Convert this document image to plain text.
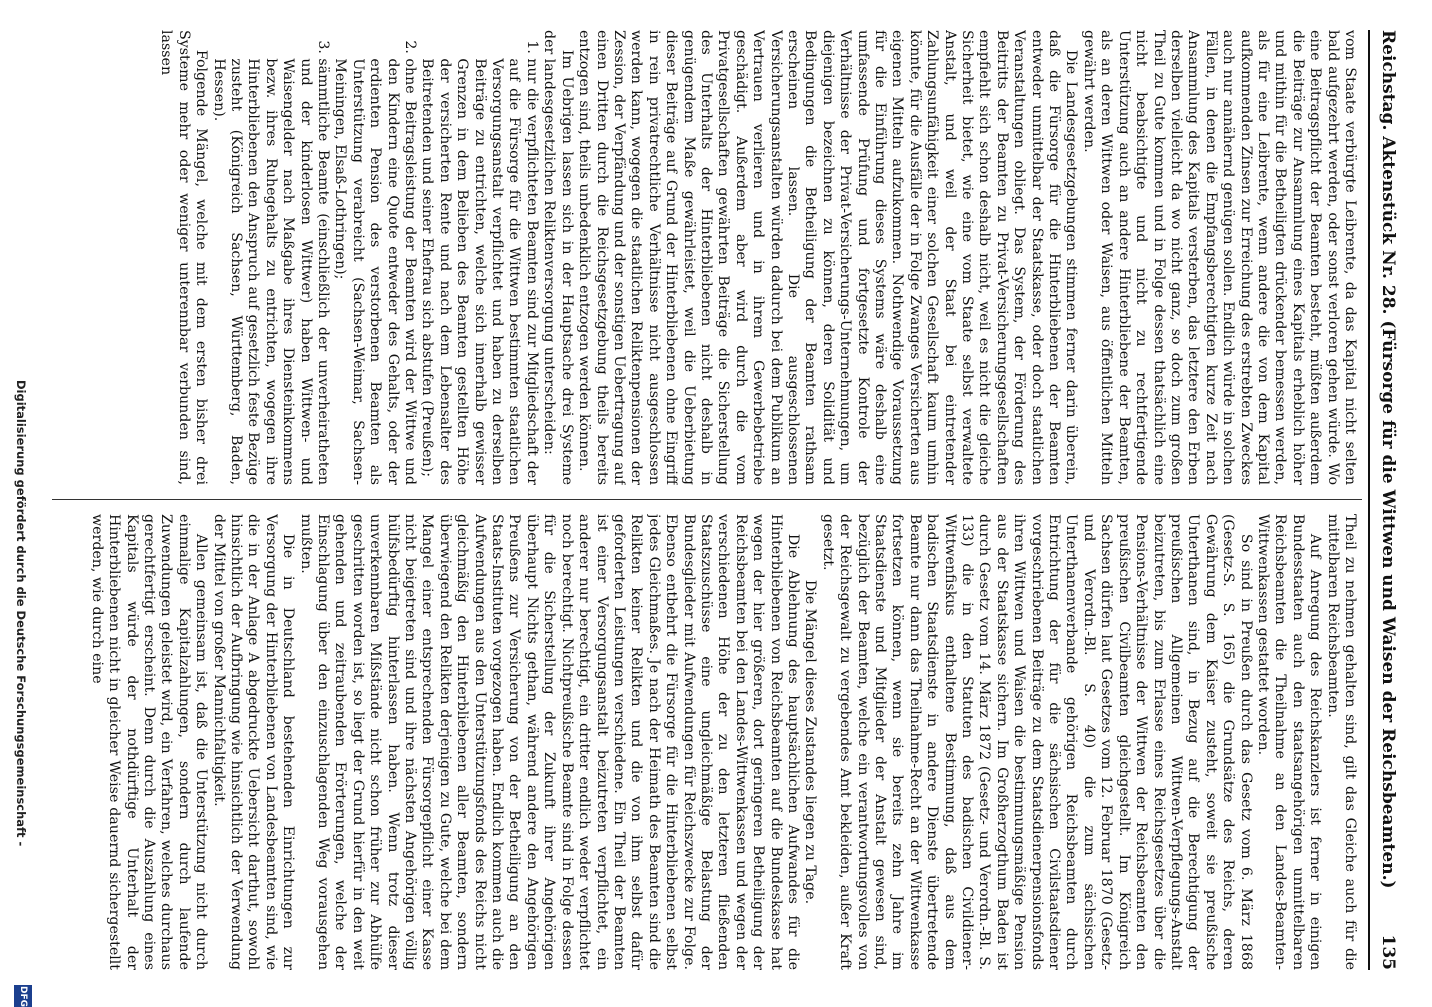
Reichstag. Aktenstück Nr. 28. (Fürsorge für die Wittwen und Waisen der Reichsbeamten.)
135

vom Staate verbürgte Leibrente, da das Kapital nicht selten bald aufgezehrt werden, oder sonst verloren gehen würde. Wo eine Beitragspflicht der Beamten besteht, müßten außerdem die Beiträge zur Ansammlung eines Kapitals erheblich höher und mithin für die Betheiligten drückender bemessen werden, als für eine Leibrente, wenn andere die von dem Kapital aufkommenden Zinsen zur Erreichung des erstrebten Zweckes auch nur annähernd genügen sollen. Endlich würde in solchen Fällen, in denen die Empfangsberechtigten kurze Zeit nach Ansammlung des Kapitals versterben, das letztere den Erben derselben vielleicht da wo nicht ganz, so doch zum großen Theil zu Gute kommen und in Folge dessen thatsächlich eine nicht beabsichtigte und nicht zu rechtfertigende Unterstützung auch an andere Hinterbliebene der Beamten, als an deren Wittwen oder Waisen, aus öffentlichen Mitteln gewährt werden.

Die Landesgesetzgebungen stimmen ferner darin überein, daß die Fürsorge für die Hinterbliebenen der Beamten entweder unmittelbar der Staatskasse, oder doch staatlichen Veranstaltungen obliegt. Das System, der Förderung des Beitritts der Beamten zu Privat-Versicherungsgesellschaften empfiehlt sich schon deshalb nicht, weil es nicht die gleiche Sicherheit bietet, wie eine vom Staate selbst verwaltete Anstalt, und weil der Staat bei eintretender Zahlungsunfähigkeit einer solchen Gesellschaft kaum umhin könnte, für die Ausfälle der in Folge Zwanges Versicherten aus eigenen Mitteln aufzukommen. Nothwendige Voraussetzung für die Einführung dieses Systems wäre deshalb eine umfassende Prüfung und fortgesetzte Kontrole der Verhältnisse der Privat-Versicherungs-Unternehmungen, um diejenigen bezeichnen zu können, deren Solidität und Bedingungen die Betheiligung der Beamten rathsam erscheinen lassen. Die ausgeschlossenen Versicherungsanstalten würden dadurch bei dem Publikum an Vertrauen verlieren und in ihrem Gewerbebetriebe geschädigt. Außerdem aber wird durch die vom Privatgesellschaften gewährten Beiträge die Sicherstellung des Unterhalts der Hinterbliebenen nicht deshalb in genügendem Maße gewährleistet, weil die Ueberbietung dieser Beiträge auf Grund der Hinterbliebenen ohne Eingriff in rein privatrechtliche Verhältnisse nicht ausgeschlossen werden kann, wogegen die staatlichen Reliktenpensionen der Zession, der Verpfändung und der sonstigen Uebertragung auf einen Dritten durch die Reichsgesetzgebung theils bereits entzogen sind, theils unbedenklich entzogen werden können.

Im Uebrigen lassen sich in der Hauptsache drei Systeme der landesgesetzlichen Reliktenversorgung unterscheiden:

1. nur die verpflichteten Beamten sind zur Mitgliedschaft der auf die Fürsorge für die Wittwen bestimmten staatlichen Versorgungsanstalt verpflichtet und haben zu derselben Beiträge zu entrichten, welche sich innerhalb gewisser Grenzen in dem Belieben des Beamten gestellten Höhe der versicherten Rente und nach dem Lebensalter des Beitretenden und seiner Ehefrau sich abstufen (Preußen);
2. ohne Beitragsleistung der Beamten wird der Wittwe und den Kindern eine Quote entweder des Gehalts, oder der erdienten Pension des verstorbenen Beamten als Unterstützung verabreicht (Sachsen-Weimar, Sachsen-Meiningen, Elsaß-Lothringen);
3. sämmtliche Beamte (einschließlich der unverheiratheten und der kinderlosen Wittwer) haben Wittwen- und Waisengelder nach Maßgabe ihres Diensteinkommens bezw. ihres Ruhegehalts zu entrichten, wogegen ihre Hinterbliebenen den Anspruch auf gesetzlich feste Bezüge zusteht (Königreich Sachsen, Württemberg, Baden, Hessen).

Folgende Mängel, welche mit dem ersten bisher drei Systeme mehr oder weniger unterennbar verbunden sind, lassen

Theil zu nehmen gehalten sind, gilt das Gleiche auch für die mittelbaren Reichsbeamten.

Auf Anregung des Reichskanzlers ist ferner in einigen Bundesstaaten auch den staatsangehörigen unmittelbaren Reichsbeamten die Theilnahme an den Landes-Beamten-Wittwenkassen gestattet worden.

So sind in Preußen durch das Gesetz vom 6. März 1868 (Gesetz-S. S. 165) die Grundsätze des Reichs, deren Gewährung dem Kaiser zusteht, soweit sie preußische Unterthanen sind, in Bezug auf die Berechtigung der preußischen Allgemeinen Wittwen-Verpflegungs-Anstalt beizutreten, bis zum Erlasse eines Reichsgesetzes über die Pensions-Verhältnisse der Wittwen der Reichsbeamten den preußischen Civilbeamten gleichgestellt. Im Königreich Sachsen dürfen laut Gesetzes vom 12. Februar 1870 (Gesetz- und Verordn.-Bl. S. 40) die zum sächsischen Unterthanenverbande gehörigen Reichsbeamten durch Entrichtung der für die sächsischen Civilstaatsdiener vorgeschriebenen Beiträge zu dem Staatsdienerpensionsfonds ihren Wittwen und Waisen die bestimmungsmäßige Pension aus der Staatskasse sichern. Im Großherzogthum Baden ist durch Gesetz vom 14. März 1872 (Gesetz- und Verordn.-Bl. S. 133) die in den Statuten des badischen Civildiener-Wittwenfiskus enthaltene Bestimmung, daß aus dem badischen Staatsdienste in andere Dienste übertretende Beamte nur dann das Theilnahme-Recht an der Wittwenkasse fortsetzen können, wenn sie bereits zehn Jahre im Staatsdienste und Mitglieder der Anstalt gewesen sind, bezüglich der Beamten, welche ein verantwortungsvolles von der Reichsgewalt zu vergebendes Amt bekleiden, außer Kraft gesetzt.

Die Mängel dieses Zustandes liegen zu Tage.

Die Ablehnung des hauptsächlichen Aufwandes für die Hinterbliebenen von Reichsbeamten auf die Bundeskasse hat wegen der hier größeren, dort geringeren Betheiligung der Reichsbeamten bei den Landes-Wittwenkassen und wegen der verschiedenen Höhe der zu den letzteren fließenden Staatszuschüsse eine ungleichmäßige Belastung der Bundesglieder mit Aufwendungen für Reichszwecke zur Folge. Ebenso entbehrt die Fürsorge für die Hinterbliebenen selbst jedes Gleichmaßes. Je nach der Heimath des Beamten sind die Relikten keiner Relikten und die von ihm selbst dafür geforderten Leistungen verschiedene. Ein Theil der Beamten ist einer Versorgungsanstalt beizutreten verpflichtet, ein anderer nur berechtigt, ein dritter endlich weder verpflichtet noch berechtigt. Nichtpreußische Beamte sind in Folge dessen für die Sicherstellung der Zukunft ihrer Angehörigen überhaupt Nichts gethan, während andere den Angehörigen Preußens zur Versicherung von der Betheiligung an den Staats-Instituten vorgezogen haben. Endlich kommen auch die Aufwendungen aus den Unterstützungsfonds des Reichs nicht gleichmäßig den Hinterbliebenen aller Beamten, sondern überwiegend den Relikten derjenigen zu Gute, welche bei dem Mangel einer entsprechenden Fürsorgepflicht einer Kasse nicht beigetreten sind und ihre nächsten Angehörigen völlig hülfsbedürftig hinterlassen haben. Wenn trotz dieser unverkennbaren Mißstände nicht schon früher zur Abhülfe geschritten worden ist, so liegt der Grund hierfür in den weit gehenden und zeitraubenden Erörterungen, welche der Einschlagung über den einzuschlagenden Weg vorausgehen mußten.

Die in Deutschland bestehenden Einrichtungen zur Versorgung der Hinterbliebenen von Landesbeamten sind, wie die in der Anlage A abgedruckte Uebersicht darthut, sowohl hinsichtlich der Aufbringung wie hinsichtlich der Verwendung der Mittel von großer Mannichfaltigkeit.

Allen gemeinsam ist, daß die Unterstützung nicht durch einmalige Kapitalzahlungen, sondern durch laufende Zuwendungen geleistet wird, ein Verfahren, welches durchaus gerechtfertigt erscheint. Denn durch die Auszahlung eines Kapitals würde der nothdürftige Unterhalt der Hinterbliebenen nicht in gleicher Weise dauernd sichergestellt werden, wie durch eine

Digitalisierung gefördert durch die Deutsche Forschungsgemeinschaft -
DFG
